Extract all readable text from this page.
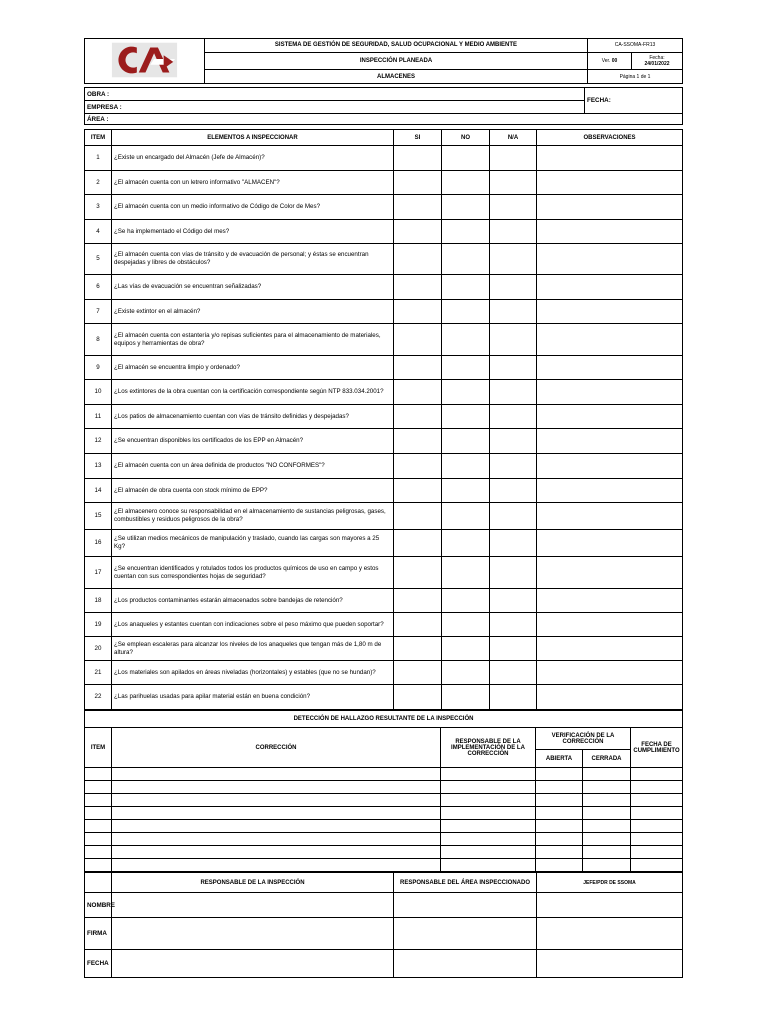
	SISTEMA DE GESTIÓN DE SEGURIDAD, SALUD OCUPACIONAL Y MEDIO AMBIENTE	CA-SSOMA-FR13	
	INSPECCIÓN PLANEADA	Ver. 00	Fecha:
24/01/2022
	ALMACENES	Página 1 de 1	
OBRA :	FECHA:
EMPRESA :
ÁREA :
ITEM	ELEMENTOS A INSPECCIONAR	SI	NO	N/A	OBSERVACIONES
1	¿Existe un encargado del Almacén (Jefe de Almacén)?				
2	¿El almacén cuenta con un letrero informativo "ALMACEN"?				
3	¿El almacén cuenta con un medio informativo de Código de Color de Mes?				
4	¿Se ha implementado el Código del mes?				
5	¿El almacén cuenta con vías de tránsito y de evacuación de personal; y éstas se encuentran despejadas y libres de obstáculos?				
6	¿Las vías de evacuación se encuentran señalizadas?				
7	¿Existe extintor en el almacén?				
8	¿El almacén cuenta con estantería y/o repisas suficientes para el almacenamiento de materiales, equipos y herramientas de obra?				
9	¿El almacén se encuentra limpio y ordenado?				
10	¿Los extintores de la obra cuentan con la certificación correspondiente según NTP 833.034.2001?				
11	¿Los patios de almacenamiento cuentan con vías de tránsito definidas y despejadas?				
12	¿Se encuentran disponibles los certificados de los EPP en Almacén?				
13	¿El almacén cuenta con un área definida de productos "NO CONFORMES"?				
14	¿El almacén de obra cuenta con stock mínimo de EPP?				
15	¿El almacenero conoce su responsabilidad en el almacenamiento de sustancias peligrosas, gases, combustibles y residuos peligrosos de la obra?				
16	¿Se utilizan medios mecánicos de manipulación y traslado, cuando las cargas son mayores a 25 Kg?				
17	¿Se encuentran identificados y rotulados todos los productos químicos de uso en campo y estos cuentan con sus correspondientes hojas de seguridad?				
18	¿Los productos contaminantes estarán almacenados sobre bandejas de retención?				
19	¿Los anaqueles y estantes cuentan con indicaciones sobre el peso máximo que pueden soportar?				
20	¿Se emplean escaleras para alcanzar los niveles de los anaqueles que tengan más de 1,80 m de altura?				
21	¿Los materiales son apilados en áreas niveladas (horizontales) y estables (que no se hundan)?				
22	¿Las parihuelas usadas para apilar material están en buena condición?				
DETECCIÓN DE HALLAZGO RESULTANTE DE LA INSPECCIÓN					
ITEM	CORRECCIÓN	RESPONSABLE DE LA IMPLEMENTACIÓN DE LA CORRECCIÓN	VERIFICACIÓN DE LA CORRECCIÓN		FECHA DE CUMPLIMIENTO
			ABIERTA	CERRADA	

	RESPONSABLE DE LA INSPECCIÓN	RESPONSABLE DEL ÁREA INSPECCIONADO	JEFE/PDR DE SSOMA
NOMBRE			
FIRMA			
FECHA			
